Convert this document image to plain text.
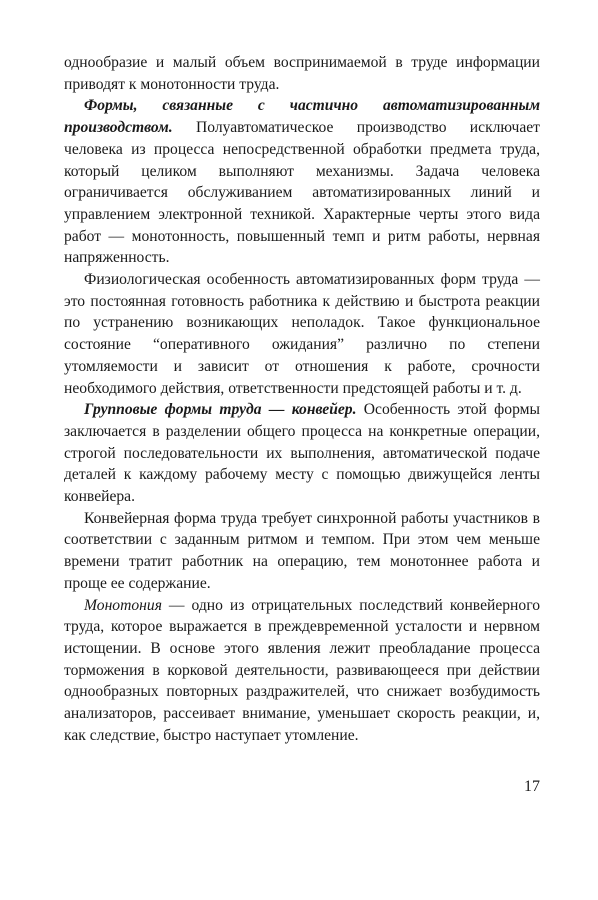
однообразие и малый объем воспринимаемой в труде информации приводят к монотонности труда.

Формы, связанные с частично автоматизированным производством. Полуавтоматическое производство исключает человека из процесса непосредственной обработки предмета труда, который целиком выполняют механизмы. Задача человека ограничивается обслуживанием автоматизированных линий и управлением электронной техникой. Характерные черты этого вида работ — монотонность, повышенный темп и ритм работы, нервная напряженность.

Физиологическая особенность автоматизированных форм труда — это постоянная готовность работника к действию и быстрота реакции по устранению возникающих неполадок. Такое функциональное состояние “оперативного ожидания” различно по степени утомляемости и зависит от отношения к работе, срочности необходимого действия, ответственности предстоящей работы и т. д.

Групповые формы труда — конвейер. Особенность этой формы заключается в разделении общего процесса на конкретные операции, строгой последовательности их выполнения, автоматической подаче деталей к каждому рабочему месту с помощью движущейся ленты конвейера.

Конвейерная форма труда требует синхронной работы участников в соответствии с заданным ритмом и темпом. При этом чем меньше времени тратит работник на операцию, тем монотоннее работа и проще ее содержание.

Монотония — одно из отрицательных последствий конвейерного труда, которое выражается в преждевременной усталости и нервном истощении. В основе этого явления лежит преобладание процесса торможения в корковой деятельности, развивающееся при действии однообразных повторных раздражителей, что снижает возбудимость анализаторов, рассеивает внимание, уменьшает скорость реакции, и, как следствие, быстро наступает утомление.

17
